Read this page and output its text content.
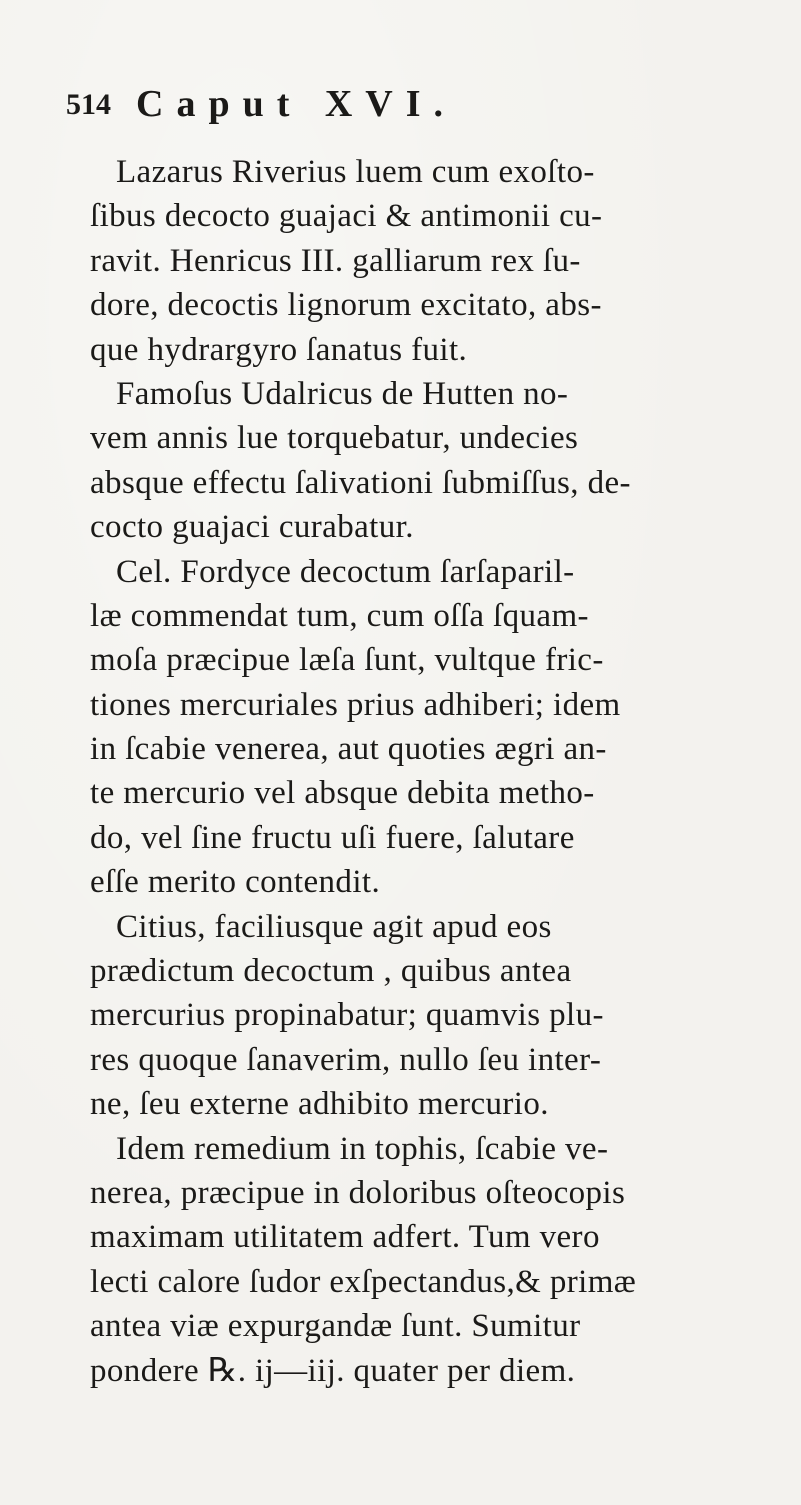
514 Caput XVI.
Lazarus Riverius luem cum exoſto-
ſibus decocto guajaci & antimonii cu-
ravit. Henricus III. galliarum rex ſu-
dore, decoctis lignorum excitato, abs-
que hydrargyro ſanatus fuit.
Famoſus Udalricus de Hutten no-
vem annis lue torquebatur, undecies
absque effectu ſalivationi ſubmiſſus, de-
cocto guajaci curabatur.
Cel. Fordyce decoctum ſarſaparil-
læ commendat tum, cum oſſa ſquam-
moſa præcipue læſa ſunt, vultque fric-
tiones mercuriales prius adhiberi; idem
in ſcabie venerea, aut quoties ægri an-
te mercurio vel absque debita metho-
do, vel ſine fructu uſi fuere, ſalutare
eſſe merito contendit.
Citius, faciliusque agit apud eos
prædictum decoctum , quibus antea
mercurius propinabatur; quamvis plu-
res quoque ſanaverim, nullo ſeu inter-
ne, ſeu externe adhibito mercurio.
Idem remedium in tophis, ſcabie ve-
nerea, præcipue in doloribus oſteocopis
maximam utilitatem adfert. Tum vero
lecti calore ſudor exſpectandus,& primæ
antea viæ expurgandæ ſunt. Sumitur
pondere ℞. ij—iij. quater per diem.
